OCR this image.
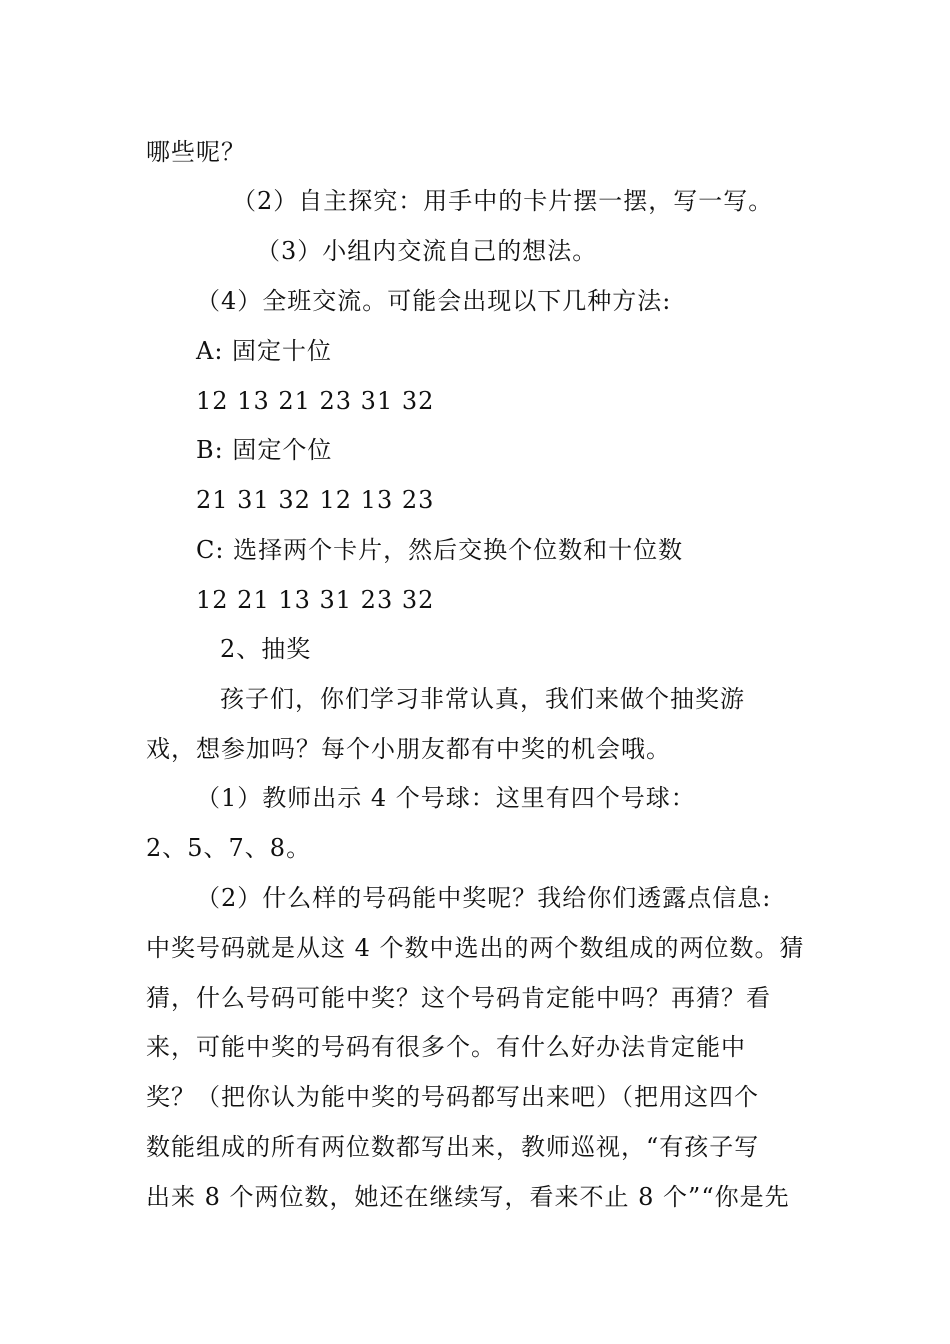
哪些呢？

（2）自主探究：用手中的卡片摆一摆，写一写。

（3）小组内交流自己的想法。

（4）全班交流。可能会出现以下几种方法:

A: 固定十位

12 13 21 23 31 32

B: 固定个位

21 31 32 12 13 23

C: 选择两个卡片，然后交换个位数和十位数

12 21 13 31 23 32

2、抽奖

孩子们，你们学习非常认真，我们来做个抽奖游

戏，想参加吗？每个小朋友都有中奖的机会哦。

（1）教师出示 4 个号球：这里有四个号球：

2、5、7、8。

（2）什么样的号码能中奖呢？我给你们透露点信息:

中奖号码就是从这 4 个数中选出的两个数组成的两位数。猜

猜，什么号码可能中奖？这个号码肯定能中吗？再猜？看

来，可能中奖的号码有很多个。有什么好办法肯定能中

奖？（把你认为能中奖的号码都写出来吧）（把用这四个

数能组成的所有两位数都写出来，教师巡视，“有孩子写

出来 8 个两位数，她还在继续写，看来不止 8 个”“你是先
